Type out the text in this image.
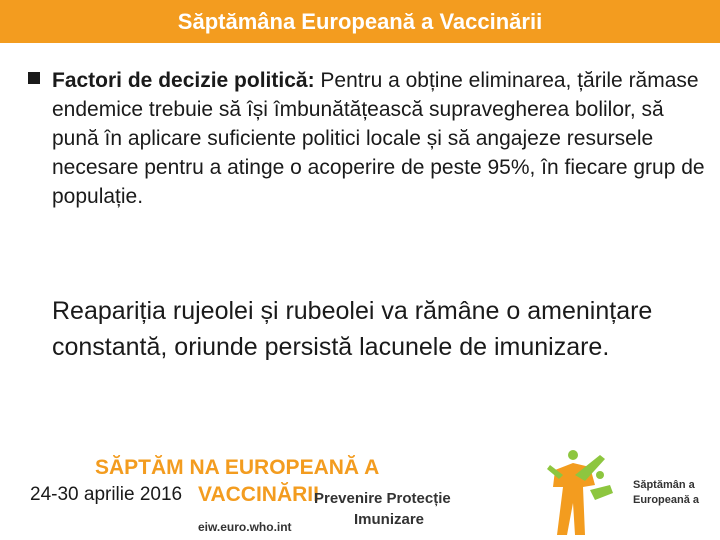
Săptămâna Europeană a Vaccinării
Factori de decizie politică: Pentru a obține eliminarea, țările rămase endemice trebuie să își îmbunătățească supravegherea bolilor, să pună în aplicare suficiente politici locale și să angajeze resursele necesare pentru a atinge o acoperire de peste 95%, în fiecare grup de populație.
Reapariția rujeolei și rubeolei va rămâne o amenințare constantă, oriunde persistă lacunele de imunizare.
SĂPTĂM NA EUROPEANĂ A
24-30 aprilie 2016 VACCINĂRII
Prevenire Protecție
Imunizare
eiw.euro.who.int
Săptămân a Europeană a
